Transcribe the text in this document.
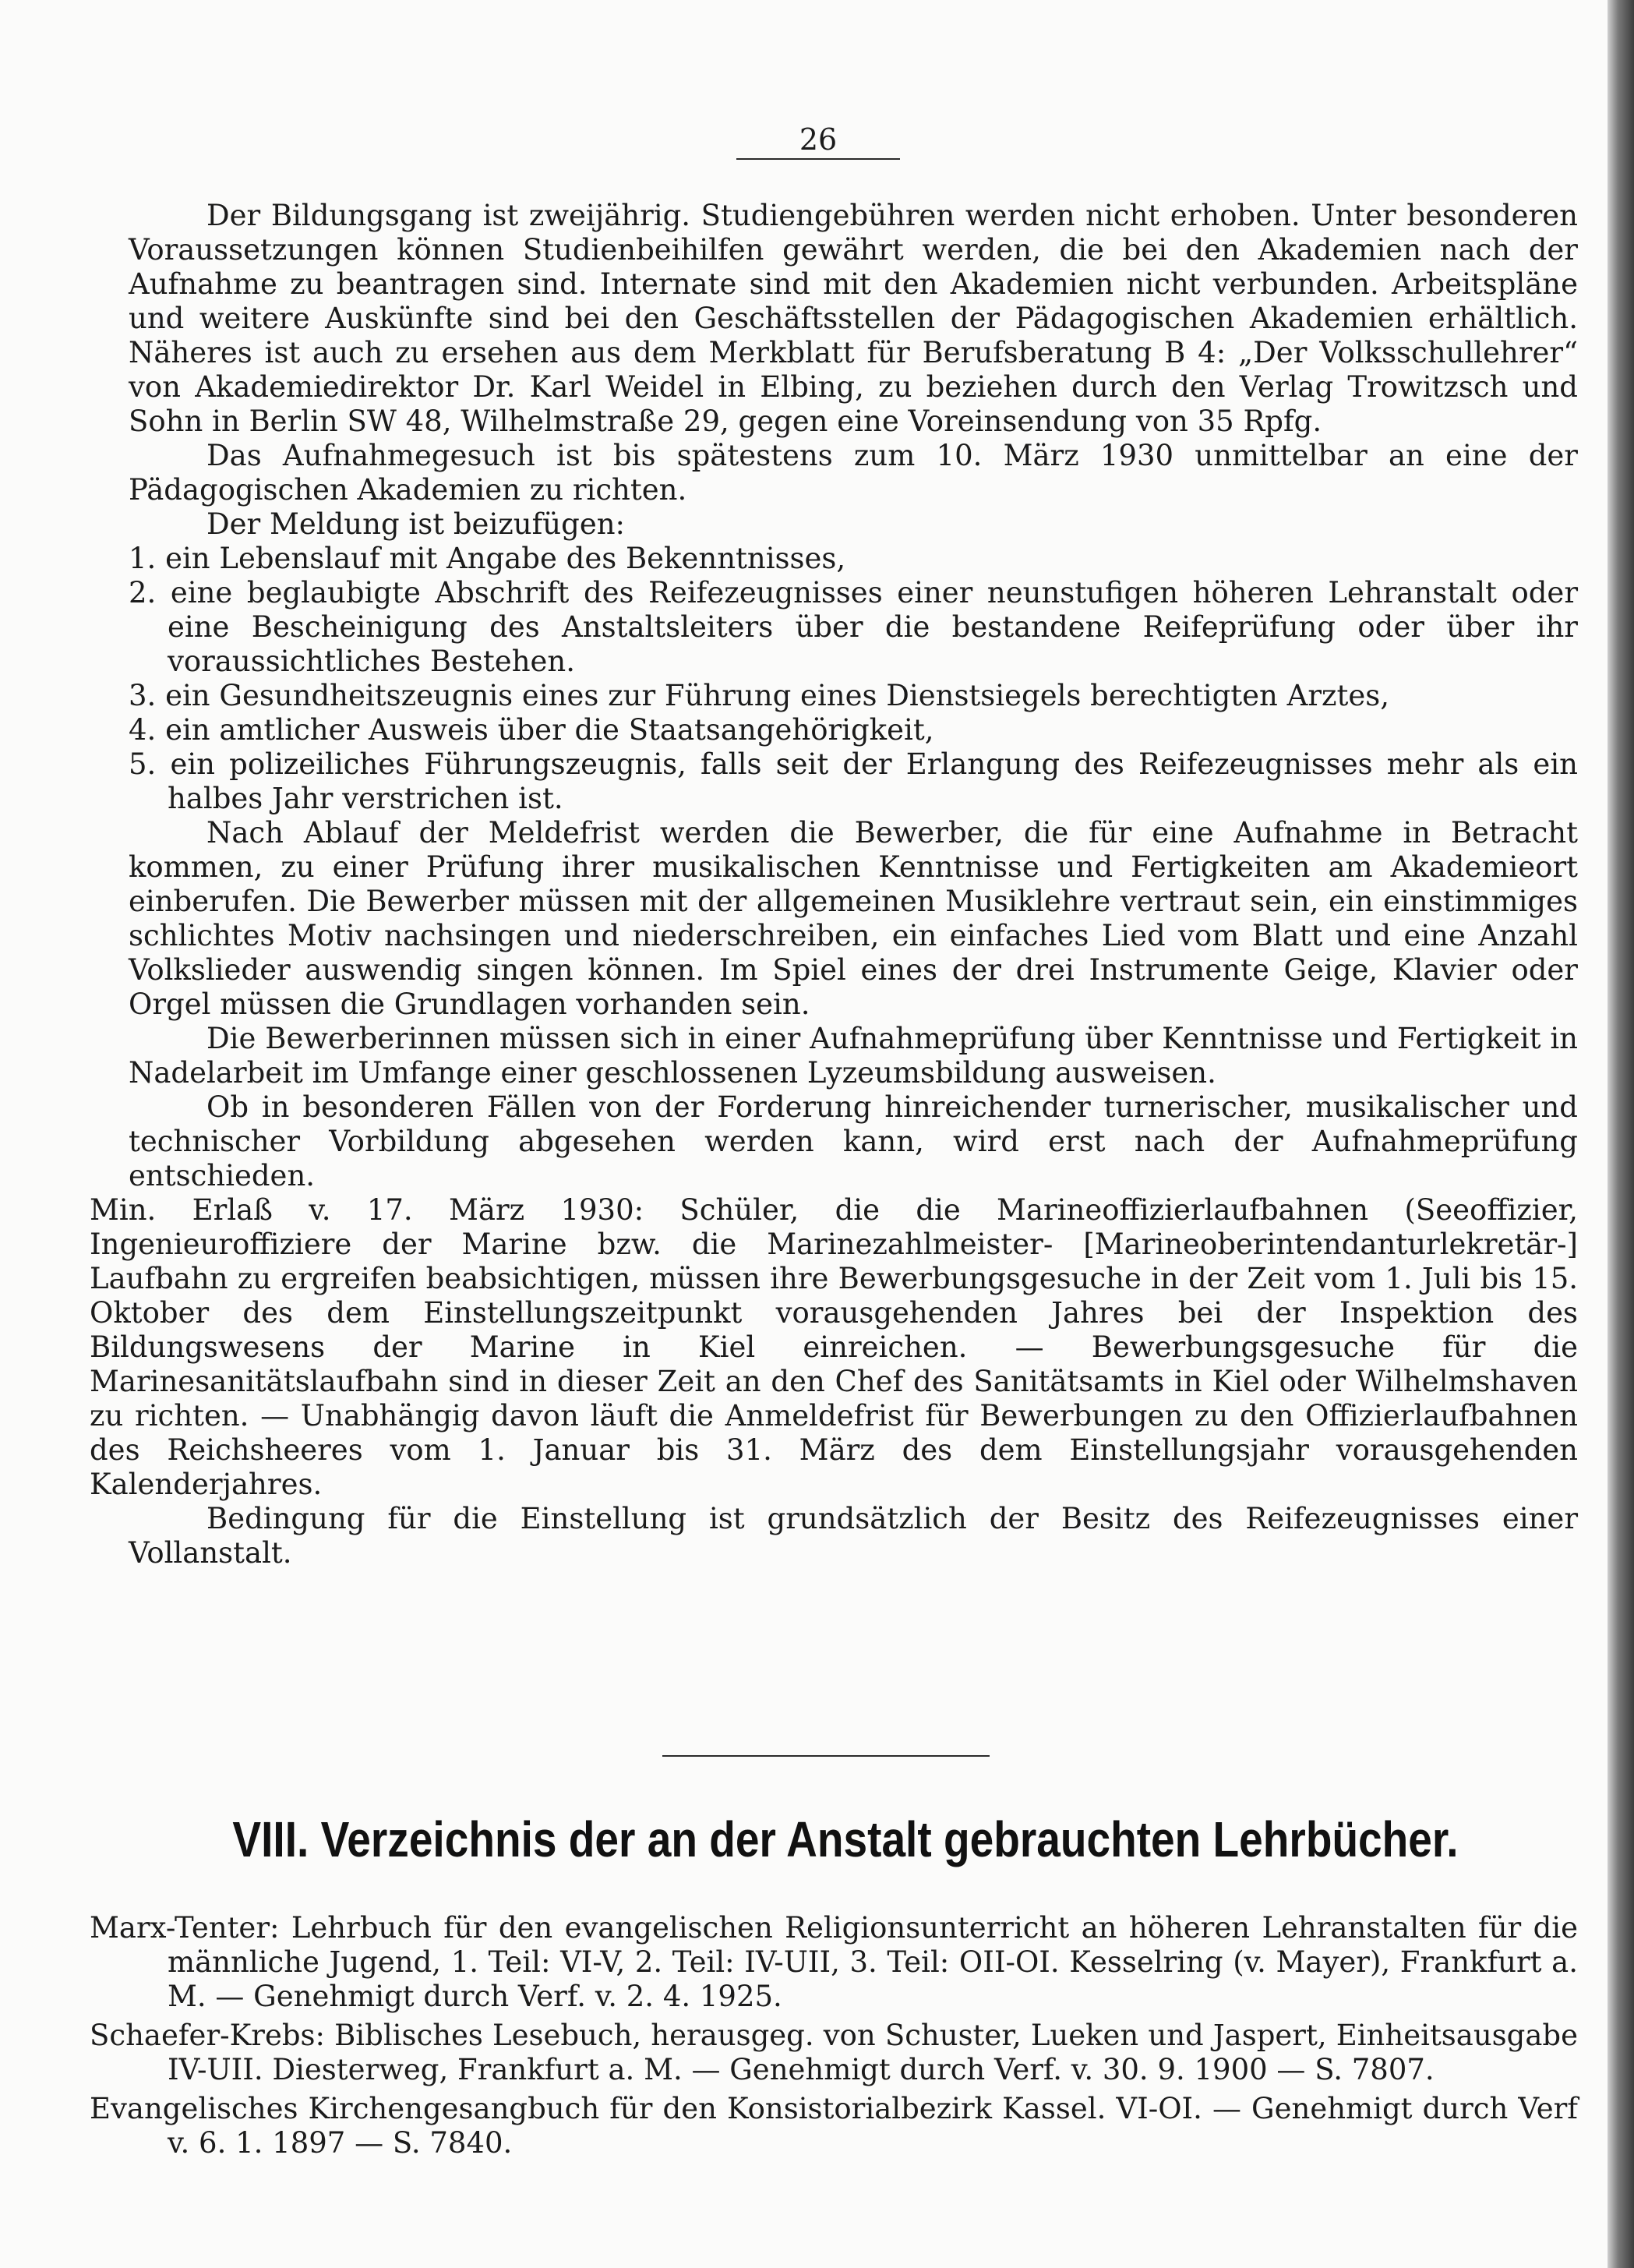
26

Der Bildungsgang ist zweijährig. Studiengebühren werden nicht erhoben. Unter besonderen Voraussetzungen können Studienbeihilfen gewährt werden, die bei den Akademien nach der Aufnahme zu beantragen sind. Internate sind mit den Akademien nicht verbunden. Arbeitspläne und weitere Auskünfte sind bei den Geschäftsstellen der Pädagogischen Akademien erhältlich. Näheres ist auch zu ersehen aus dem Merkblatt für Berufsberatung B 4: „Der Volksschullehrer“ von Akademiedirektor Dr. Karl Weidel in Elbing, zu beziehen durch den Verlag Trowitzsch und Sohn in Berlin SW 48, Wilhelmstraße 29, gegen eine Voreinsendung von 35 Rpfg.

Das Aufnahmegesuch ist bis spätestens zum 10. März 1930 unmittelbar an eine der Pädagogischen Akademien zu richten.

Der Meldung ist beizufügen:

1. ein Lebenslauf mit Angabe des Bekenntnisses,

2. eine beglaubigte Abschrift des Reifezeugnisses einer neunstufigen höheren Lehranstalt oder eine Bescheinigung des Anstaltsleiters über die bestandene Reifeprüfung oder über ihr voraussichtliches Bestehen.

3. ein Gesundheitszeugnis eines zur Führung eines Dienstsiegels berechtigten Arztes,

4. ein amtlicher Ausweis über die Staatsangehörigkeit,

5. ein polizeiliches Führungszeugnis, falls seit der Erlangung des Reifezeugnisses mehr als ein halbes Jahr verstrichen ist.

Nach Ablauf der Meldefrist werden die Bewerber, die für eine Aufnahme in Betracht kommen, zu einer Prüfung ihrer musikalischen Kenntnisse und Fertigkeiten am Akademieort einberufen. Die Bewerber müssen mit der allgemeinen Musiklehre vertraut sein, ein einstimmiges schlichtes Motiv nachsingen und niederschreiben, ein einfaches Lied vom Blatt und eine Anzahl Volkslieder auswendig singen können. Im Spiel eines der drei Instrumente Geige, Klavier oder Orgel müssen die Grundlagen vorhanden sein.

Die Bewerberinnen müssen sich in einer Aufnahmeprüfung über Kenntnisse und Fertigkeit in Nadelarbeit im Umfange einer geschlossenen Lyzeumsbildung ausweisen.

Ob in besonderen Fällen von der Forderung hinreichender turnerischer, musikalischer und technischer Vorbildung abgesehen werden kann, wird erst nach der Aufnahmeprüfung entschieden.

Min. Erlaß v. 17. März 1930: Schüler, die die Marineoffizierlaufbahnen (Seeoffizier, Ingenieuroffiziere der Marine bzw. die Marinezahlmeister- [Marineoberintendanturlekretär-] Laufbahn zu ergreifen beabsichtigen, müssen ihre Bewerbungsgesuche in der Zeit vom 1. Juli bis 15. Oktober des dem Einstellungszeitpunkt vorausgehenden Jahres bei der Inspektion des Bildungswesens der Marine in Kiel einreichen. — Bewerbungsgesuche für die Marinesanitätslaufbahn sind in dieser Zeit an den Chef des Sanitätsamts in Kiel oder Wilhelmshaven zu richten. — Unabhängig davon läuft die Anmeldefrist für Bewerbungen zu den Offizierlaufbahnen des Reichsheeres vom 1. Januar bis 31. März des dem Einstellungsjahr vorausgehenden Kalenderjahres.

Bedingung für die Einstellung ist grundsätzlich der Besitz des Reifezeugnisses einer Vollanstalt.

VIII. Verzeichnis der an der Anstalt gebrauchten Lehrbücher.

Marx-Tenter: Lehrbuch für den evangelischen Religionsunterricht an höheren Lehranstalten für die männliche Jugend, 1. Teil: VI-V, 2. Teil: IV-UII, 3. Teil: OII-OI. Kesselring (v. Mayer), Frankfurt a. M. — Genehmigt durch Verf. v. 2. 4. 1925.

Schaefer-Krebs: Biblisches Lesebuch, herausgeg. von Schuster, Lueken und Jaspert, Einheitsausgabe IV-UII. Diesterweg, Frankfurt a. M. — Genehmigt durch Verf. v. 30. 9. 1900 — S. 7807.

Evangelisches Kirchengesangbuch für den Konsistorialbezirk Kassel. VI-OI. — Genehmigt durch Verf v. 6. 1. 1897 — S. 7840.
